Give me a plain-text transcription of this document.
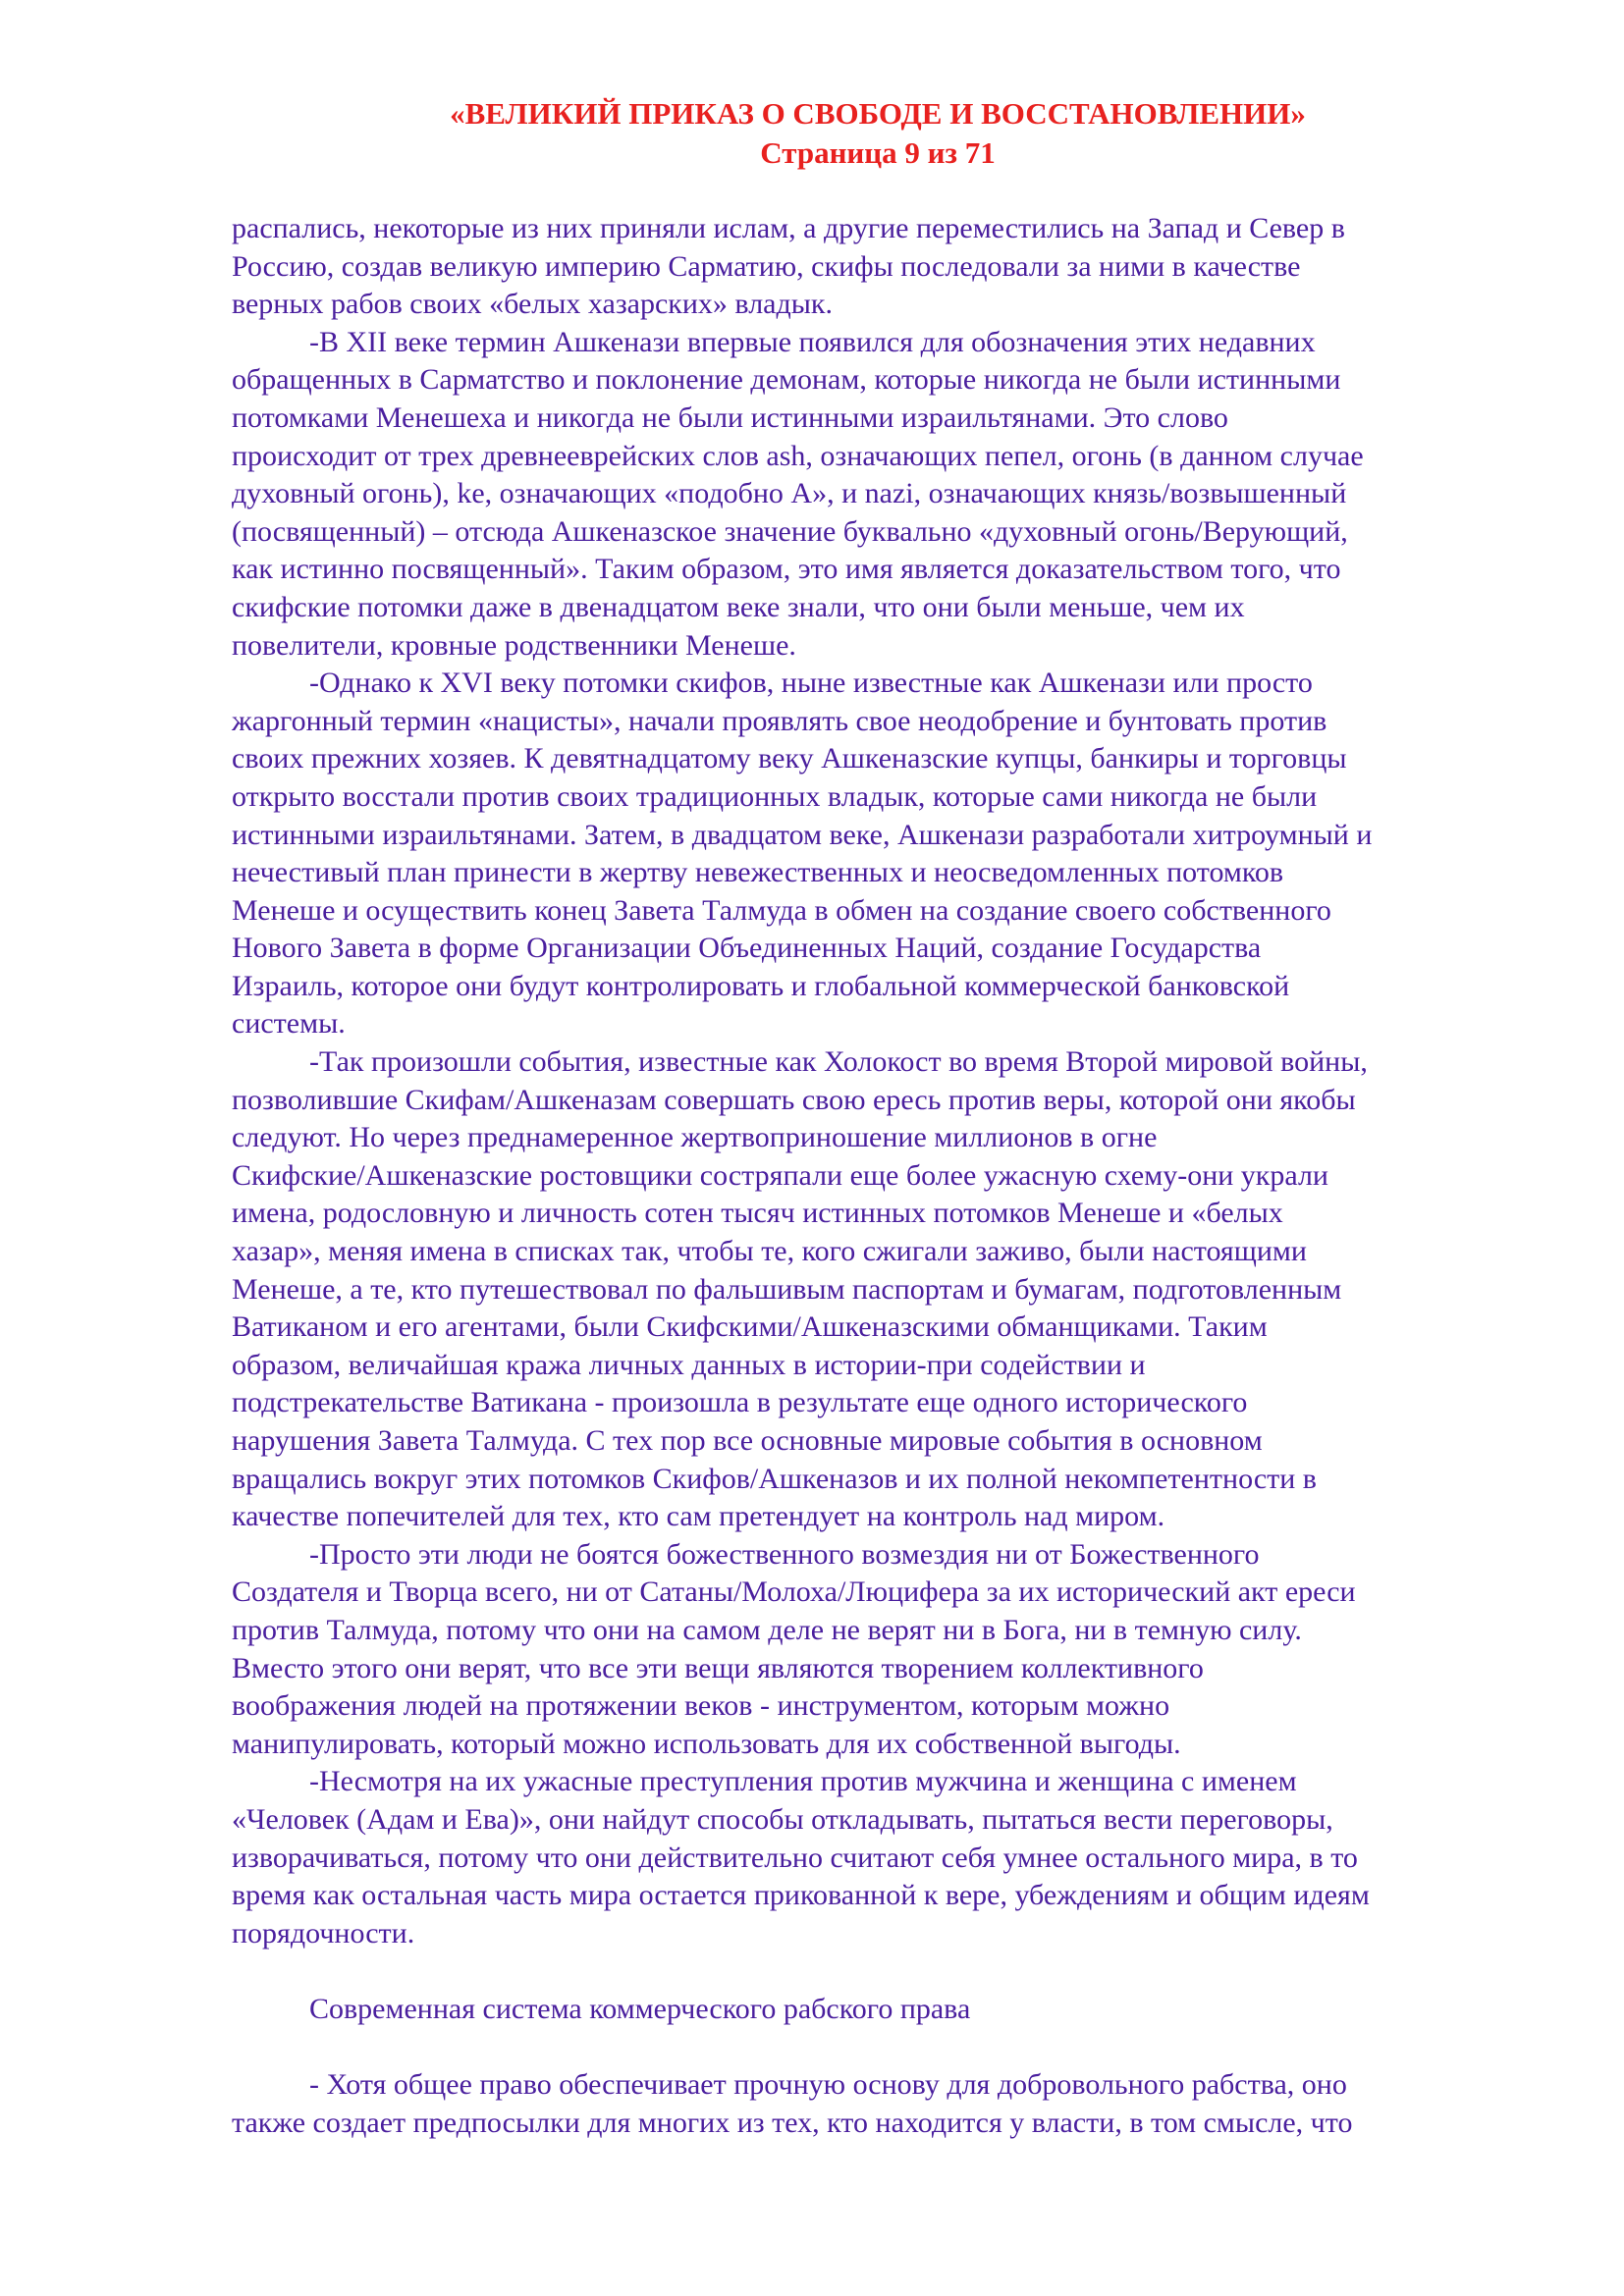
«ВЕЛИКИЙ ПРИКАЗ О СВОБОДЕ И ВОССТАНОВЛЕНИИ»
Страница 9 из 71

распались, некоторые из них приняли ислам, а другие переместились на Запад и Север в
Россию, создав великую империю Сарматию, скифы последовали за ними в качестве
верных рабов своих «белых хазарских» владык.

-В XII веке термин Ашкенази впервые появился для обозначения этих недавних
обращенных в Сарматство и поклонение демонам, которые никогда не были истинными
потомками Менешеха и никогда не были истинными израильтянами. Это слово
происходит от трех древнееврейских слов ash, означающих пепел, огонь (в данном случае
духовный огонь), ke, означающих «подобно А», и nazi, означающих князь/возвышенный
(посвященный) – отсюда Ашкеназское значение буквально «духовный огонь/Верующий,
как истинно посвященный». Таким образом, это имя является доказательством того, что
скифские потомки даже в двенадцатом веке знали, что они были меньше, чем их
повелители, кровные родственники Менеше.

-Однако к XVI веку потомки скифов, ныне известные как Ашкенази или просто
жаргонный термин «нацисты», начали проявлять свое неодобрение и бунтовать против
своих прежних хозяев. К девятнадцатому веку Ашкеназские купцы, банкиры и торговцы
открыто восстали против своих традиционных владык, которые сами никогда не были
истинными израильтянами. Затем, в двадцатом веке, Ашкенази разработали хитроумный и
нечестивый план принести в жертву невежественных и неосведомленных потомков
Менеше и осуществить конец Завета Талмуда в обмен на создание своего собственного
Нового Завета в форме Организации Объединенных Наций, создание Государства
Израиль, которое они будут контролировать и глобальной коммерческой банковской
системы.

-Так произошли события, известные как Холокост во время Второй мировой войны,
позволившие Скифам/Ашкеназам совершать свою ересь против веры, которой они якобы
следуют. Но через преднамеренное жертвоприношение миллионов в огне
Скифские/Ашкеназские ростовщики состряпали еще более ужасную схему-они украли
имена, родословную и личность сотен тысяч истинных потомков Менеше и «белых
хазар», меняя имена в списках так, чтобы те, кого сжигали заживо, были настоящими
Менеше, а те, кто путешествовал по фальшивым паспортам и бумагам, подготовленным
Ватиканом и его агентами, были Скифскими/Ашкеназскими обманщиками. Таким
образом, величайшая кража личных данных в истории-при содействии и
подстрекательстве Ватикана - произошла в результате еще одного исторического
нарушения Завета Талмуда. С тех пор все основные мировые события в основном
вращались вокруг этих потомков Скифов/Ашкеназов и их полной некомпетентности в
качестве попечителей для тех, кто сам претендует на контроль над миром.

-Просто эти люди не боятся божественного возмездия ни от Божественного
Создателя и Творца всего, ни от Сатаны/Молоха/Люцифера за их исторический акт ереси
против Талмуда, потому что они на самом деле не верят ни в Бога, ни в темную силу.
Вместо этого они верят, что все эти вещи являются творением коллективного
воображения людей на протяжении веков - инструментом, которым можно
манипулировать, который можно использовать для их собственной выгоды.

-Несмотря на их ужасные преступления против мужчина и женщина с именем
«Человек (Адам и Ева)», они найдут способы откладывать, пытаться вести переговоры,
изворачиваться, потому что они действительно считают себя умнее остального мира, в то
время как остальная часть мира остается прикованной к вере, убеждениям и общим идеям
порядочности.

Современная система коммерческого рабского права

- Хотя общее право обеспечивает прочную основу для добровольного рабства, оно
также создает предпосылки для многих из тех, кто находится у власти, в том смысле, что
